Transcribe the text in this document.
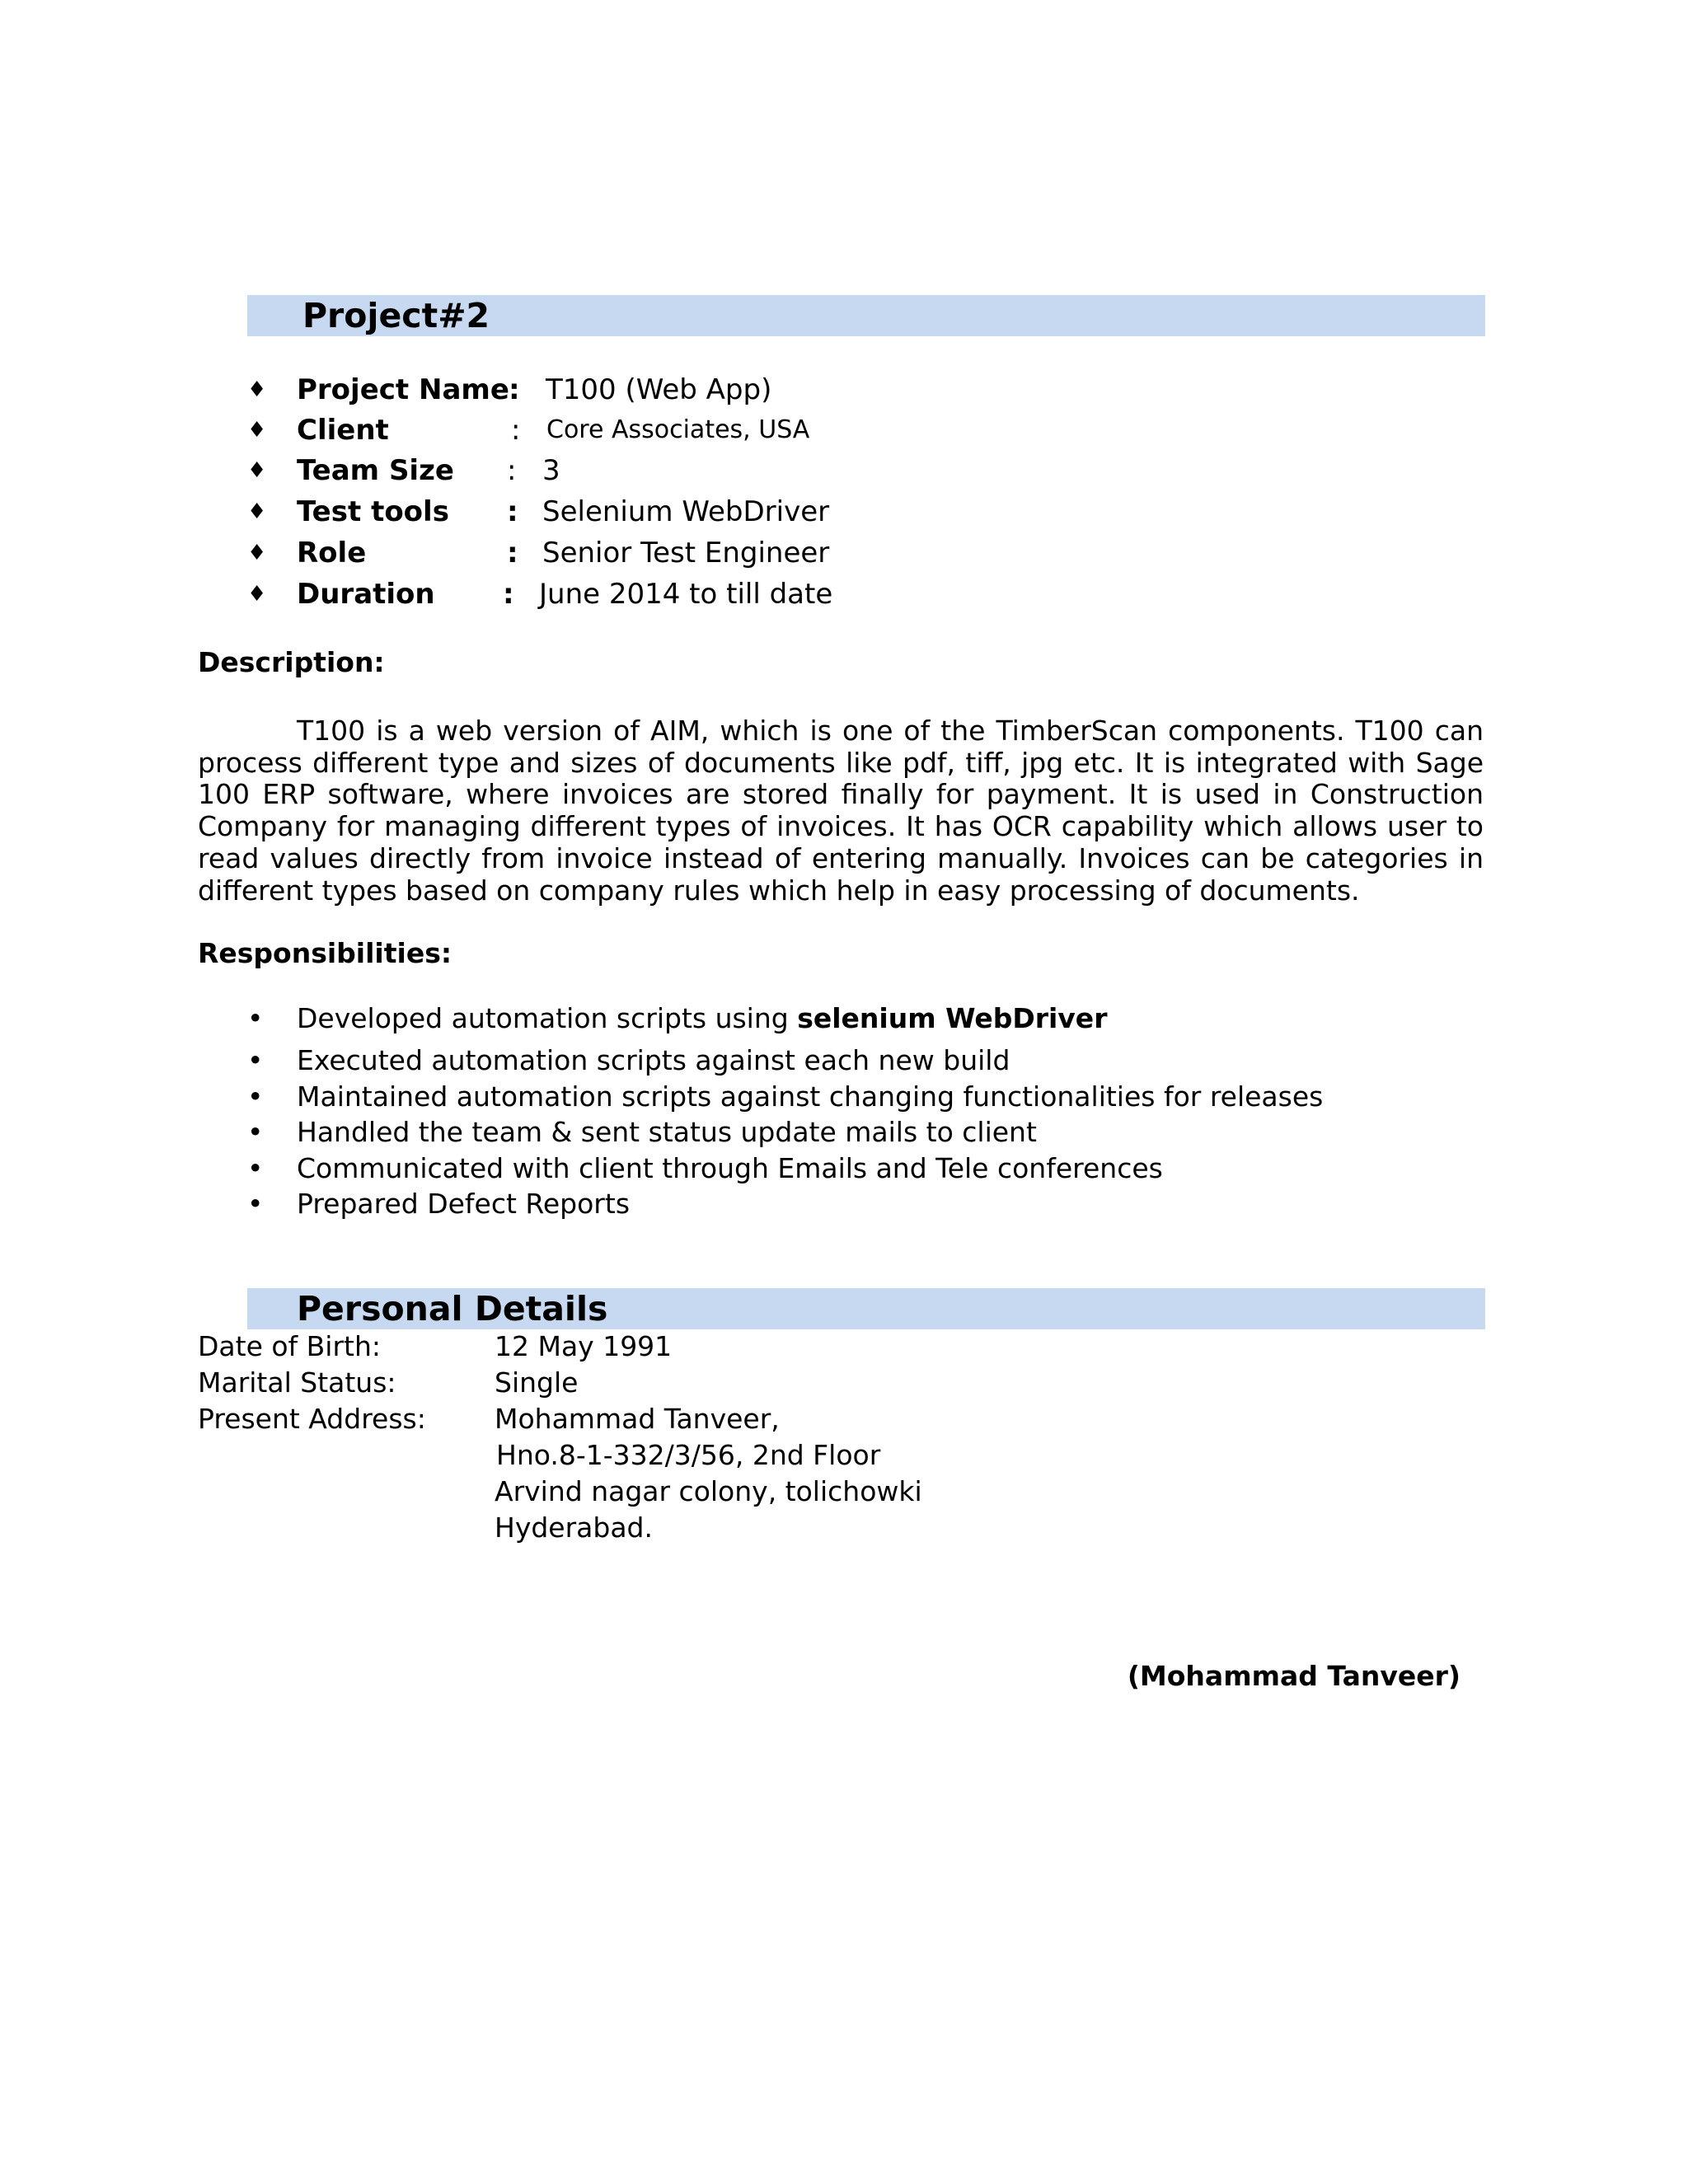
Project#2
♦ Project Name : T100 (Web App)
♦ Client	: Core Associates, USA
♦ Team Size : 3
♦ Test tools : Selenium WebDriver
♦ Role	: Senior Test Engineer
♦ Duration : June 2014 to till date
Description:

T100 is a web version of AIM, which is one of the TimberScan components. T100 can process different type and sizes of documents like pdf, tiff, jpg etc. It is integrated with Sage 100 ERP software, where invoices are stored finally for payment. It is used in Construction Company for managing different types of invoices. It has OCR capability which allows user to read values directly from invoice instead of entering manually. Invoices can be categories in different types based on company rules which help in easy processing of documents.

Responsibilities:
• Developed automation scripts using selenium WebDriver
• Executed automation scripts against each new build
• Maintained automation scripts against changing functionalities for releases
• Handled the team & sent status update mails to client
• Communicated with client through Emails and Tele conferences
• Prepared Defect Reports
Personal Details
Date of Birth:	12 May 1991
Marital Status:	Single
Present Address:	Mohammad Tanveer,
Hno.8-1-332/3/56, 2nd Floor
Arvind nagar colony, tolichowki
Hyderabad.
(Mohammad Tanveer)
